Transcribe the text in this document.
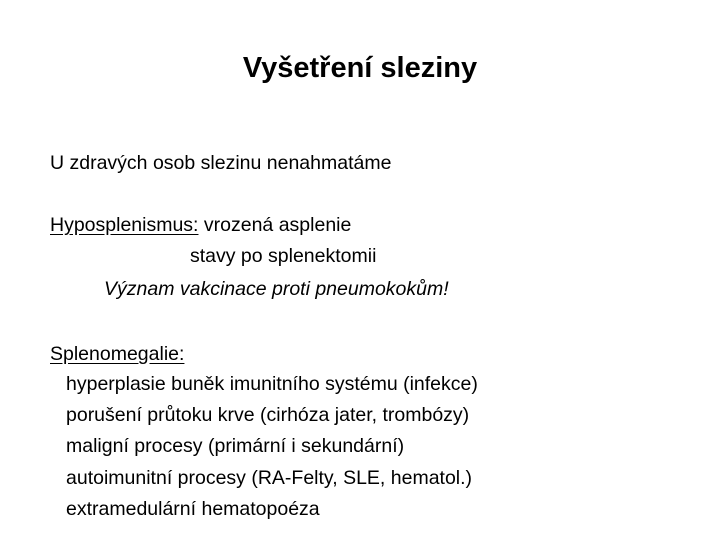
Vyšetření sleziny
U zdravých osob slezinu nenahmatáme
Hyposplenismus: vrozená asplenie
stavy po splenektomii
Význam vakcinace proti pneumokokům!
Splenomegalie:
hyperplasie buněk imunitního systému (infekce)
porušení průtoku krve (cirhóza jater, trombózy)
maligní procesy (primární i sekundární)
autoimunitní procesy (RA-Felty, SLE, hematol.)
extramedulární hematopoéza
